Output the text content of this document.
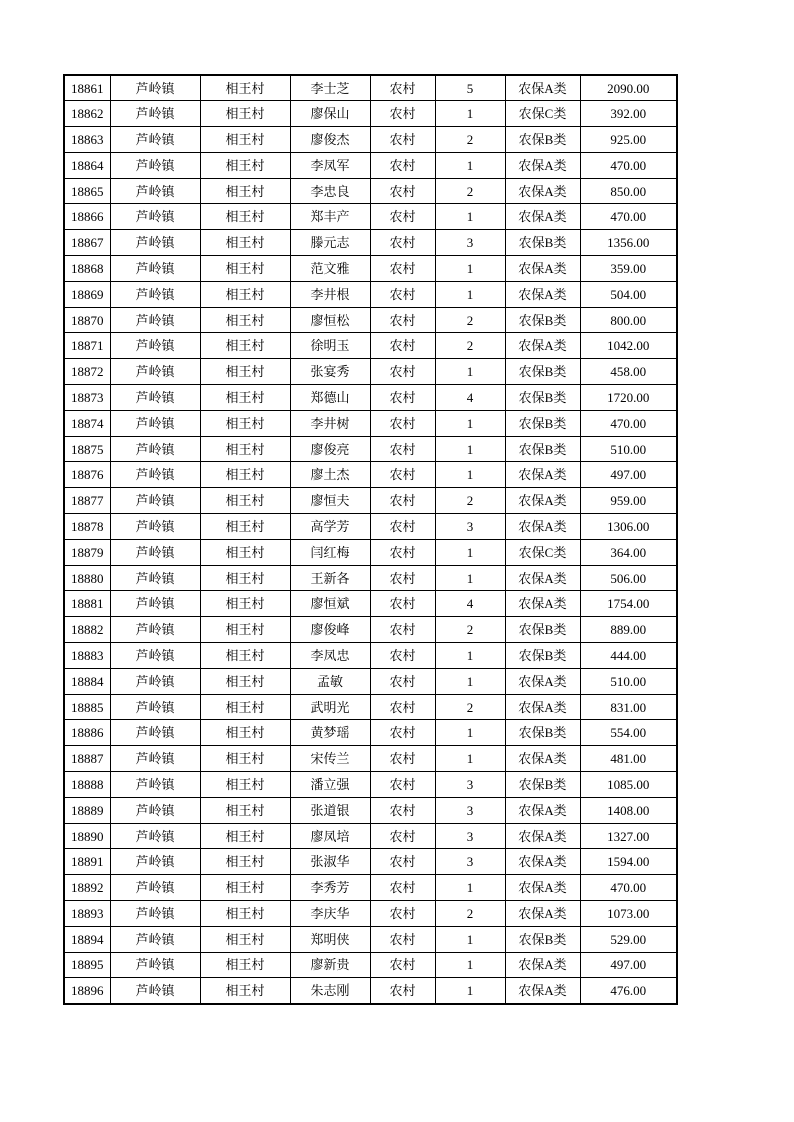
18861	芦岭镇	相王村	李士芝	农村	5	农保A类	2090.00
18862	芦岭镇	相王村	廖保山	农村	1	农保C类	392.00
18863	芦岭镇	相王村	廖俊杰	农村	2	农保B类	925.00
18864	芦岭镇	相王村	李凤军	农村	1	农保A类	470.00
18865	芦岭镇	相王村	李忠良	农村	2	农保A类	850.00
18866	芦岭镇	相王村	郑丰产	农村	1	农保A类	470.00
18867	芦岭镇	相王村	滕元志	农村	3	农保B类	1356.00
18868	芦岭镇	相王村	范文雅	农村	1	农保A类	359.00
18869	芦岭镇	相王村	李井根	农村	1	农保A类	504.00
18870	芦岭镇	相王村	廖恒松	农村	2	农保B类	800.00
18871	芦岭镇	相王村	徐明玉	农村	2	农保A类	1042.00
18872	芦岭镇	相王村	张宴秀	农村	1	农保B类	458.00
18873	芦岭镇	相王村	郑德山	农村	4	农保B类	1720.00
18874	芦岭镇	相王村	李井树	农村	1	农保B类	470.00
18875	芦岭镇	相王村	廖俊亮	农村	1	农保B类	510.00
18876	芦岭镇	相王村	廖土杰	农村	1	农保A类	497.00
18877	芦岭镇	相王村	廖恒夫	农村	2	农保A类	959.00
18878	芦岭镇	相王村	高学芳	农村	3	农保A类	1306.00
18879	芦岭镇	相王村	闫红梅	农村	1	农保C类	364.00
18880	芦岭镇	相王村	王新各	农村	1	农保A类	506.00
18881	芦岭镇	相王村	廖恒斌	农村	4	农保A类	1754.00
18882	芦岭镇	相王村	廖俊峰	农村	2	农保B类	889.00
18883	芦岭镇	相王村	李凤忠	农村	1	农保B类	444.00
18884	芦岭镇	相王村	孟敏	农村	1	农保A类	510.00
18885	芦岭镇	相王村	武明光	农村	2	农保A类	831.00
18886	芦岭镇	相王村	黄梦瑶	农村	1	农保B类	554.00
18887	芦岭镇	相王村	宋传兰	农村	1	农保A类	481.00
18888	芦岭镇	相王村	潘立强	农村	3	农保B类	1085.00
18889	芦岭镇	相王村	张道银	农村	3	农保A类	1408.00
18890	芦岭镇	相王村	廖凤培	农村	3	农保A类	1327.00
18891	芦岭镇	相王村	张淑华	农村	3	农保A类	1594.00
18892	芦岭镇	相王村	李秀芳	农村	1	农保A类	470.00
18893	芦岭镇	相王村	李庆华	农村	2	农保A类	1073.00
18894	芦岭镇	相王村	郑明侠	农村	1	农保B类	529.00
18895	芦岭镇	相王村	廖新贵	农村	1	农保A类	497.00
18896	芦岭镇	相王村	朱志刚	农村	1	农保A类	476.00
